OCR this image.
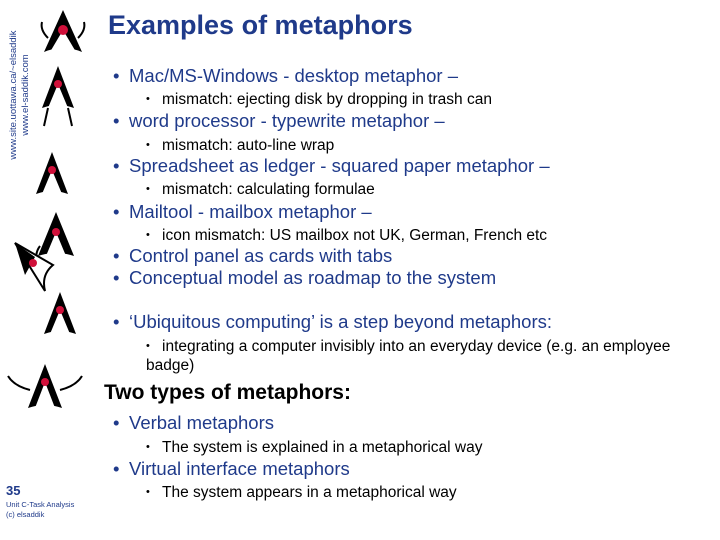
Examples of metaphors
www.site.uottawa.ca/~elsaddik www.el-saddik.com	• Mac/MS-Windows - desktop metaphor –
• mismatch: ejecting disk by dropping in trash can
• word processor - typewrite metaphor –
• mismatch: auto-line wrap
• Spreadsheet as ledger - squared paper metaphor –
• mismatch: calculating formulae
• Mailtool - mailbox metaphor –
• icon mismatch: US mailbox not UK, German, French etc
• Control panel as cards with tabs
• Conceptual model as roadmap to the system
• ‘Ubiquitous computing’ is a step beyond metaphors:
• integrating a computer invisibly into an everyday device (e.g. an employee badge)
Two types of metaphors:
• Verbal metaphors
• The system is explained in a metaphorical way
• Virtual interface metaphors
• The system appears in a metaphorical way
35
Unit C-Task Analysis
(c) elsaddik
